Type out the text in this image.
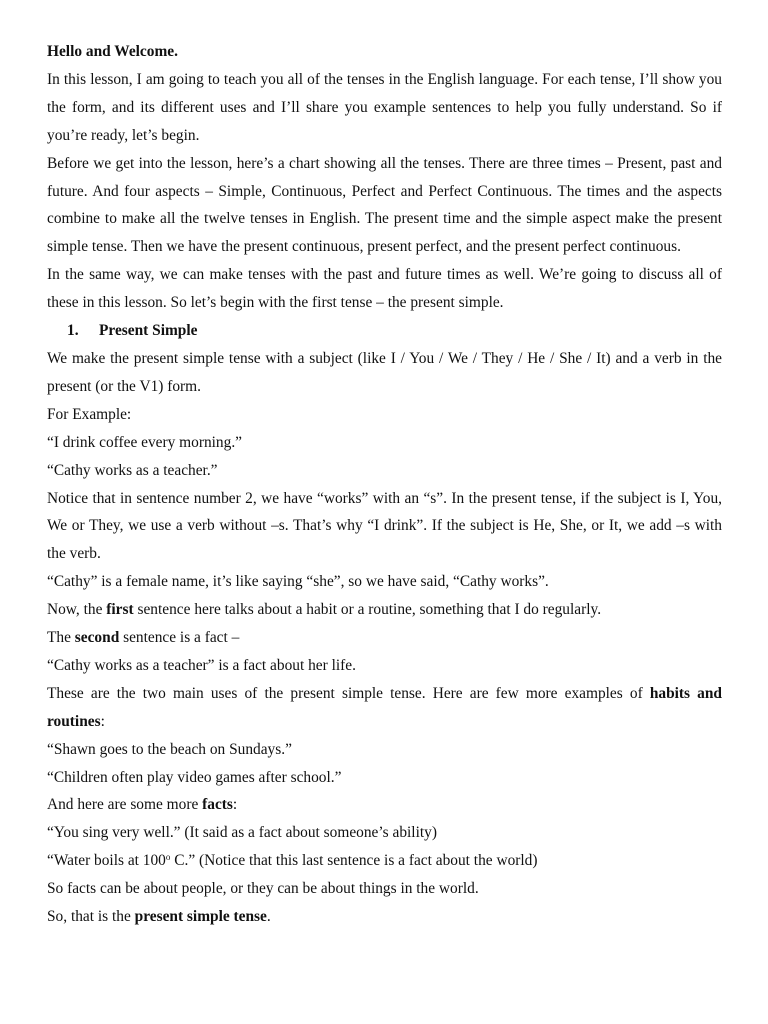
Hello and Welcome.

In this lesson, I am going to teach you all of the tenses in the English language. For each tense, I’ll show you the form, and its different uses and I’ll share you example sentences to help you fully understand. So if you’re ready, let’s begin.

Before we get into the lesson, here’s a chart showing all the tenses. There are three times – Present, past and future. And four aspects – Simple, Continuous, Perfect and Perfect Continuous. The times and the aspects combine to make all the twelve tenses in English. The present time and the simple aspect make the present simple tense. Then we have the present continuous, present perfect, and the present perfect continuous.

In the same way, we can make tenses with the past and future times as well. We’re going to discuss all of these in this lesson. So let’s begin with the first tense – the present simple.

1. Present Simple

We make the present simple tense with a subject (like I / You / We / They / He / She / It) and a verb in the present (or the V1) form.

For Example:

“I drink coffee every morning.”

“Cathy works as a teacher.”

Notice that in sentence number 2, we have “works” with an “s”. In the present tense, if the subject is I, You, We or They, we use a verb without –s. That’s why “I drink”. If the subject is He, She, or It, we add –s with the verb.

“Cathy” is a female name, it’s like saying “she”, so we have said, “Cathy works”.

Now, the first sentence here talks about a habit or a routine, something that I do regularly.

The second sentence is a fact –

“Cathy works as a teacher” is a fact about her life.

These are the two main uses of the present simple tense. Here are few more examples of habits and routines:

“Shawn goes to the beach on Sundays.”

“Children often play video games after school.”

And here are some more facts:

“You sing very well.” (It said as a fact about someone’s ability)

“Water boils at 100$^o$ C.” (Notice that this last sentence is a fact about the world)

So facts can be about people, or they can be about things in the world.

So, that is the present simple tense.
